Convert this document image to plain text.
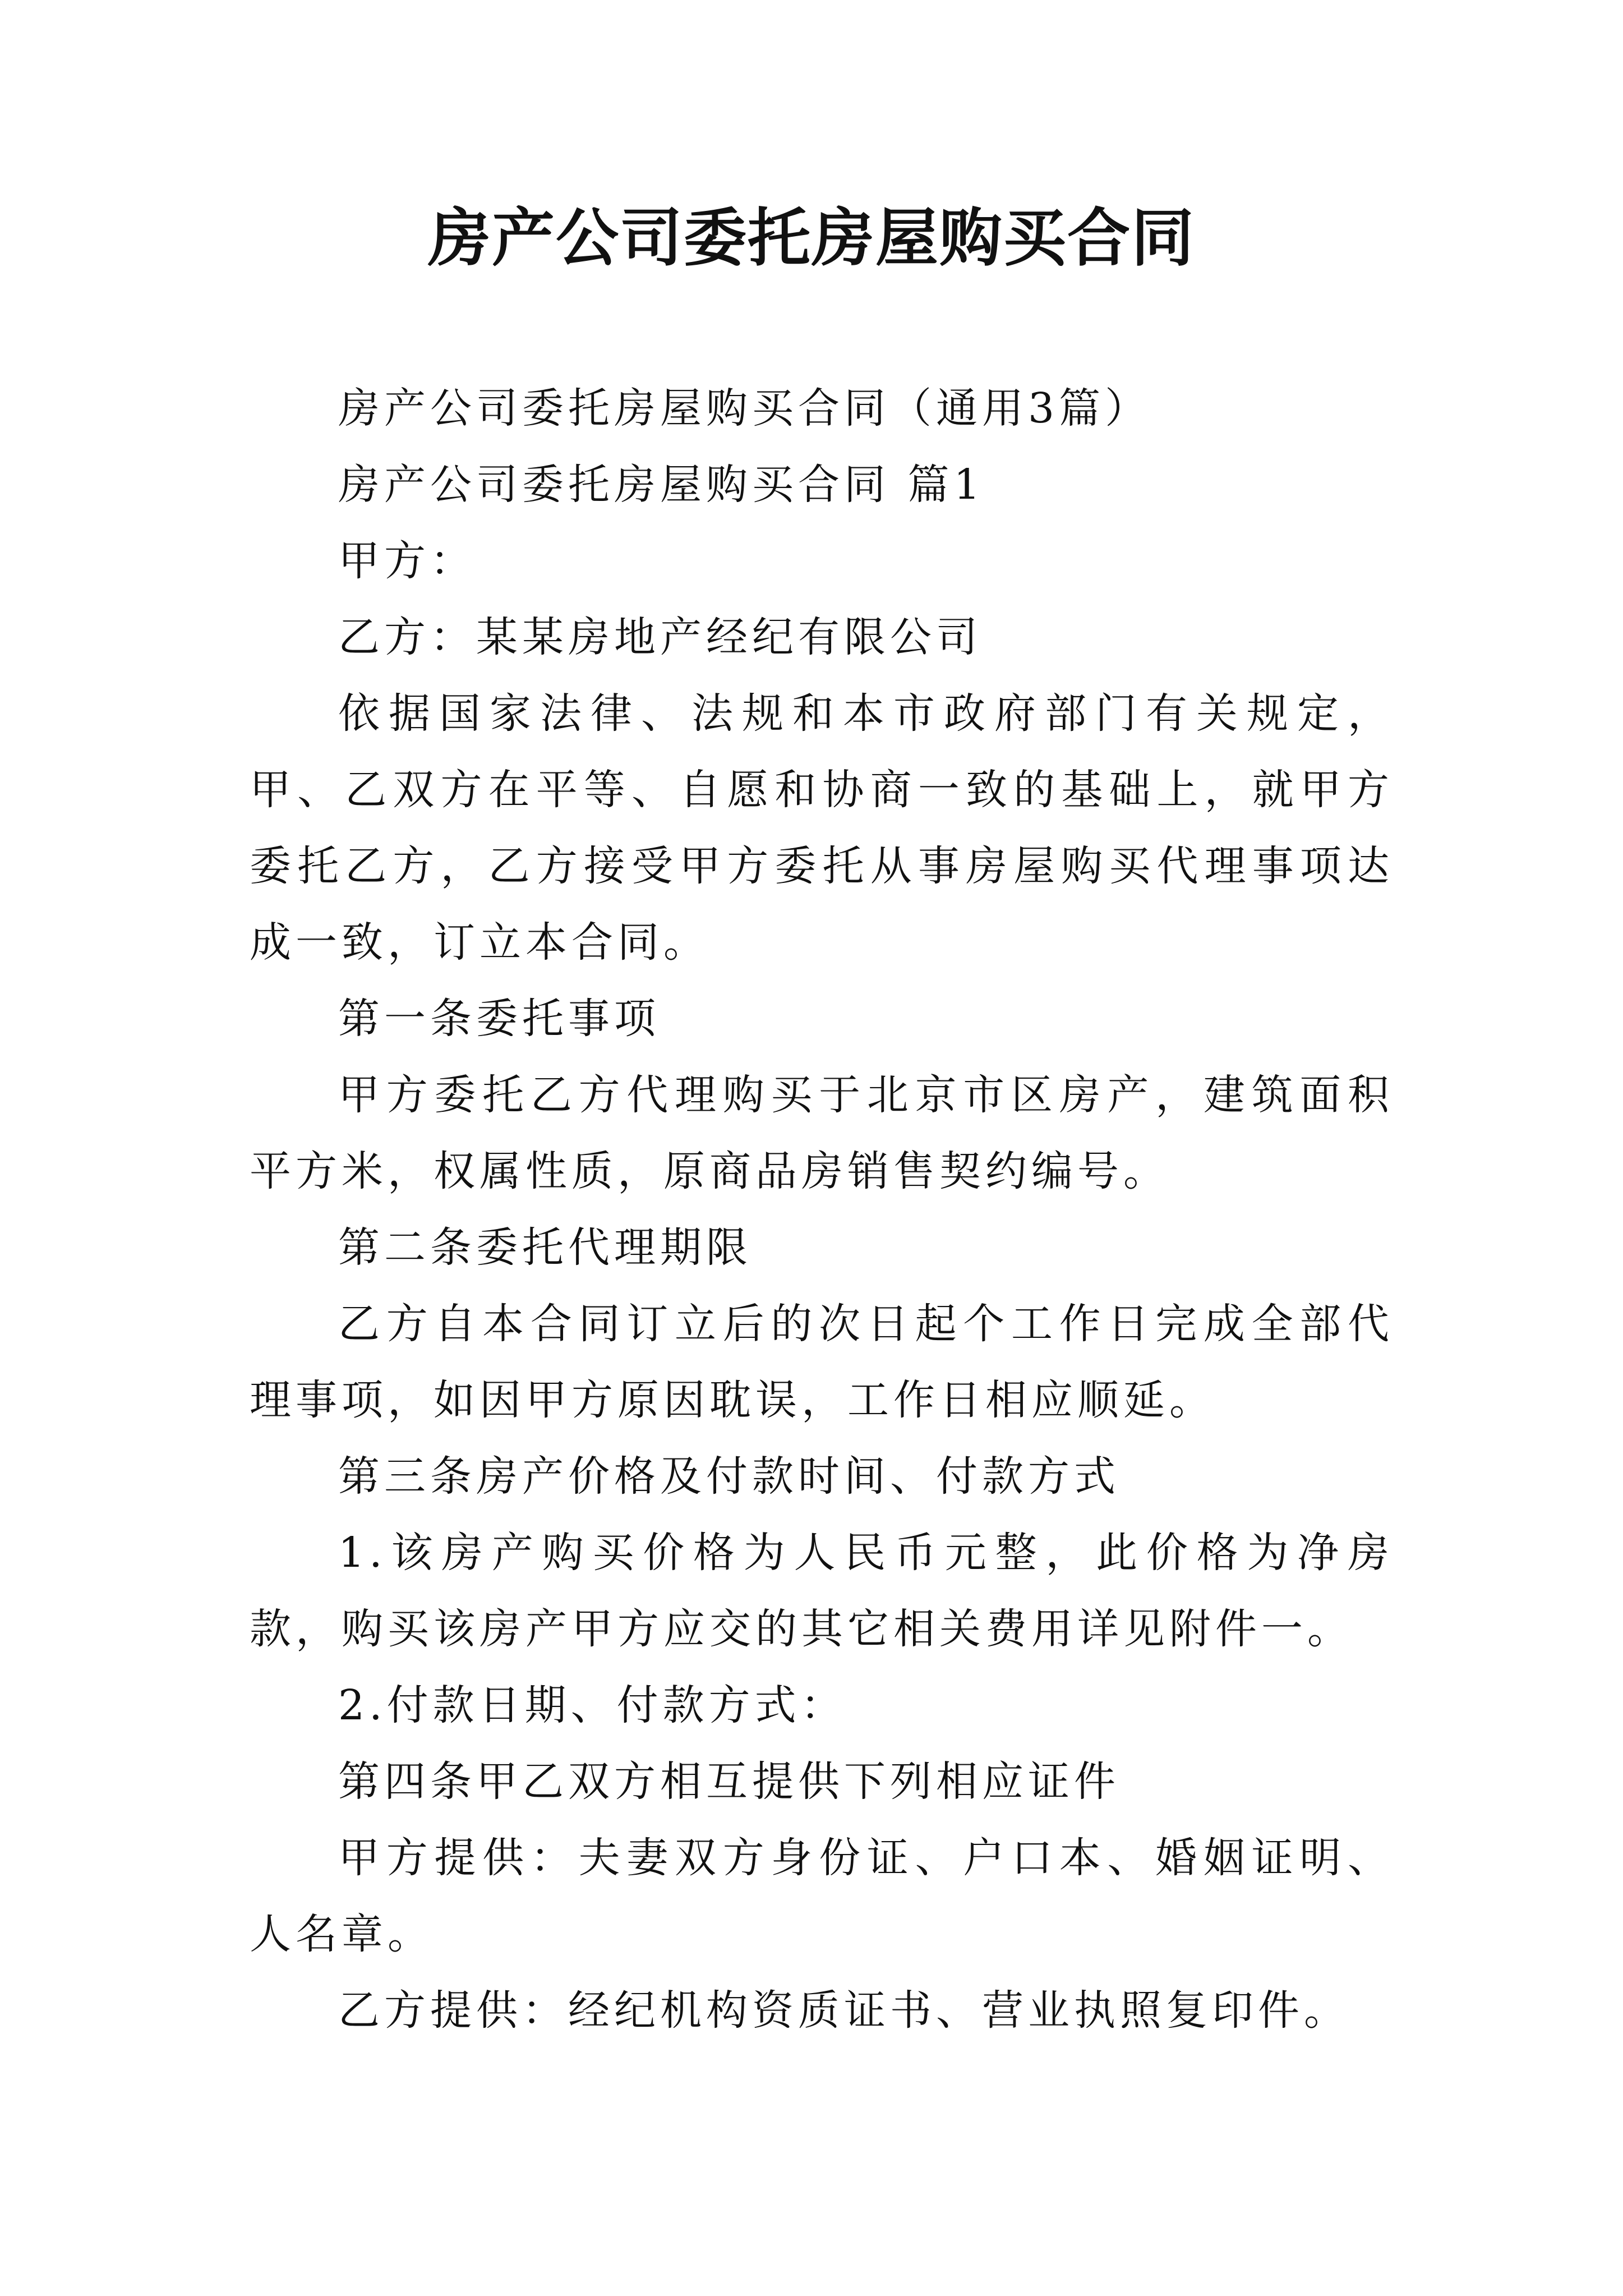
房产公司委托房屋购买合同

房产公司委托房屋购买合同（通用3篇）

房产公司委托房屋购买合同 篇1

甲方：

乙方：某某房地产经纪有限公司

依据国家法律、法规和本市政府部门有关规定，甲、乙双方在平等、自愿和协商一致的基础上，就甲方委托乙方，乙方接受甲方委托从事房屋购买代理事项达成一致，订立本合同。

第一条委托事项

甲方委托乙方代理购买于北京市区房产，建筑面积平方米，权属性质，原商品房销售契约编号。

第二条委托代理期限

乙方自本合同订立后的次日起个工作日完成全部代理事项，如因甲方原因耽误，工作日相应顺延。

第三条房产价格及付款时间、付款方式

1.该房产购买价格为人民币元整，此价格为净房款，购买该房产甲方应交的其它相关费用详见附件一。

2.付款日期、付款方式：

第四条甲乙双方相互提供下列相应证件

甲方提供：夫妻双方身份证、户口本、婚姻证明、人名章。

乙方提供：经纪机构资质证书、营业执照复印件。
